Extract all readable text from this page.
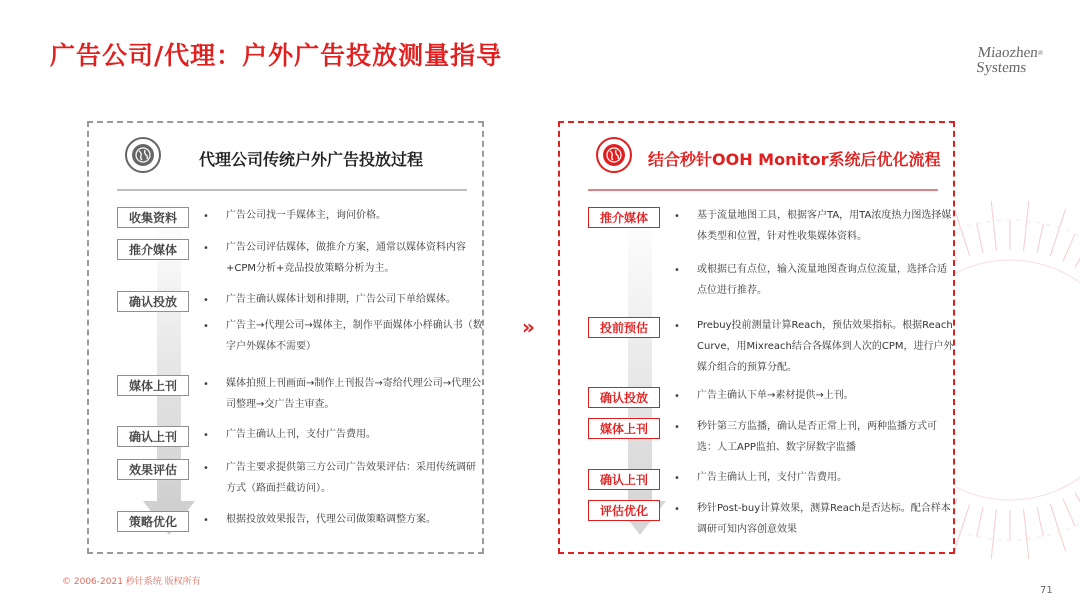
广告公司/代理：户外广告投放测量指导	Miaozhen®
Systems
代理公司传统户外广告投放过程
收集资料	• 广告公司找一手媒体主，询问价格。
推介媒体	• 广告公司评估媒体，做推介方案，通常以媒体资料内容+CPM分析+竞品投放策略分析为主。
确认投放	• 广告主确认媒体计划和排期，广告公司下单给媒体。
• 广告主→代理公司→媒体主，制作平面媒体小样确认书（数字户外媒体不需要）
媒体上刊	• 媒体拍照上刊画面→制作上刊报告→寄给代理公司→代理公司整理→交广告主审查。
确认上刊	• 广告主确认上刊，支付广告费用。
效果评估	• 广告主要求提供第三方公司广告效果评估：采用传统调研方式（路面拦截访问）。
策略优化	• 根据投放效果报告，代理公司做策略调整方案。
»
结合秒针OOH Monitor系统后优化流程
推介媒体	• 基于流量地图工具，根据客户TA，用TA浓度热力图选择媒体类型和位置，针对性收集媒体资料。
• 或根据已有点位，输入流量地图查询点位流量，选择合适点位进行推荐。
投前预估	• Prebuy投前测量计算Reach，预估效果指标。根据Reach Curve，用Mixreach结合各媒体到人次的CPM，进行户外媒介组合的预算分配。
确认投放	• 广告主确认下单→素材提供→上刊。
媒体上刊	• 秒针第三方监播，确认是否正常上刊，两种监播方式可选：人工APP监拍、数字屏数字监播
确认上刊	• 广告主确认上刊，支付广告费用。
评估优化	• 秒针Post-buy计算效果，测算Reach是否达标。配合样本调研可知内容创意效果
© 2006-2021 秒针系统 版权所有
71
